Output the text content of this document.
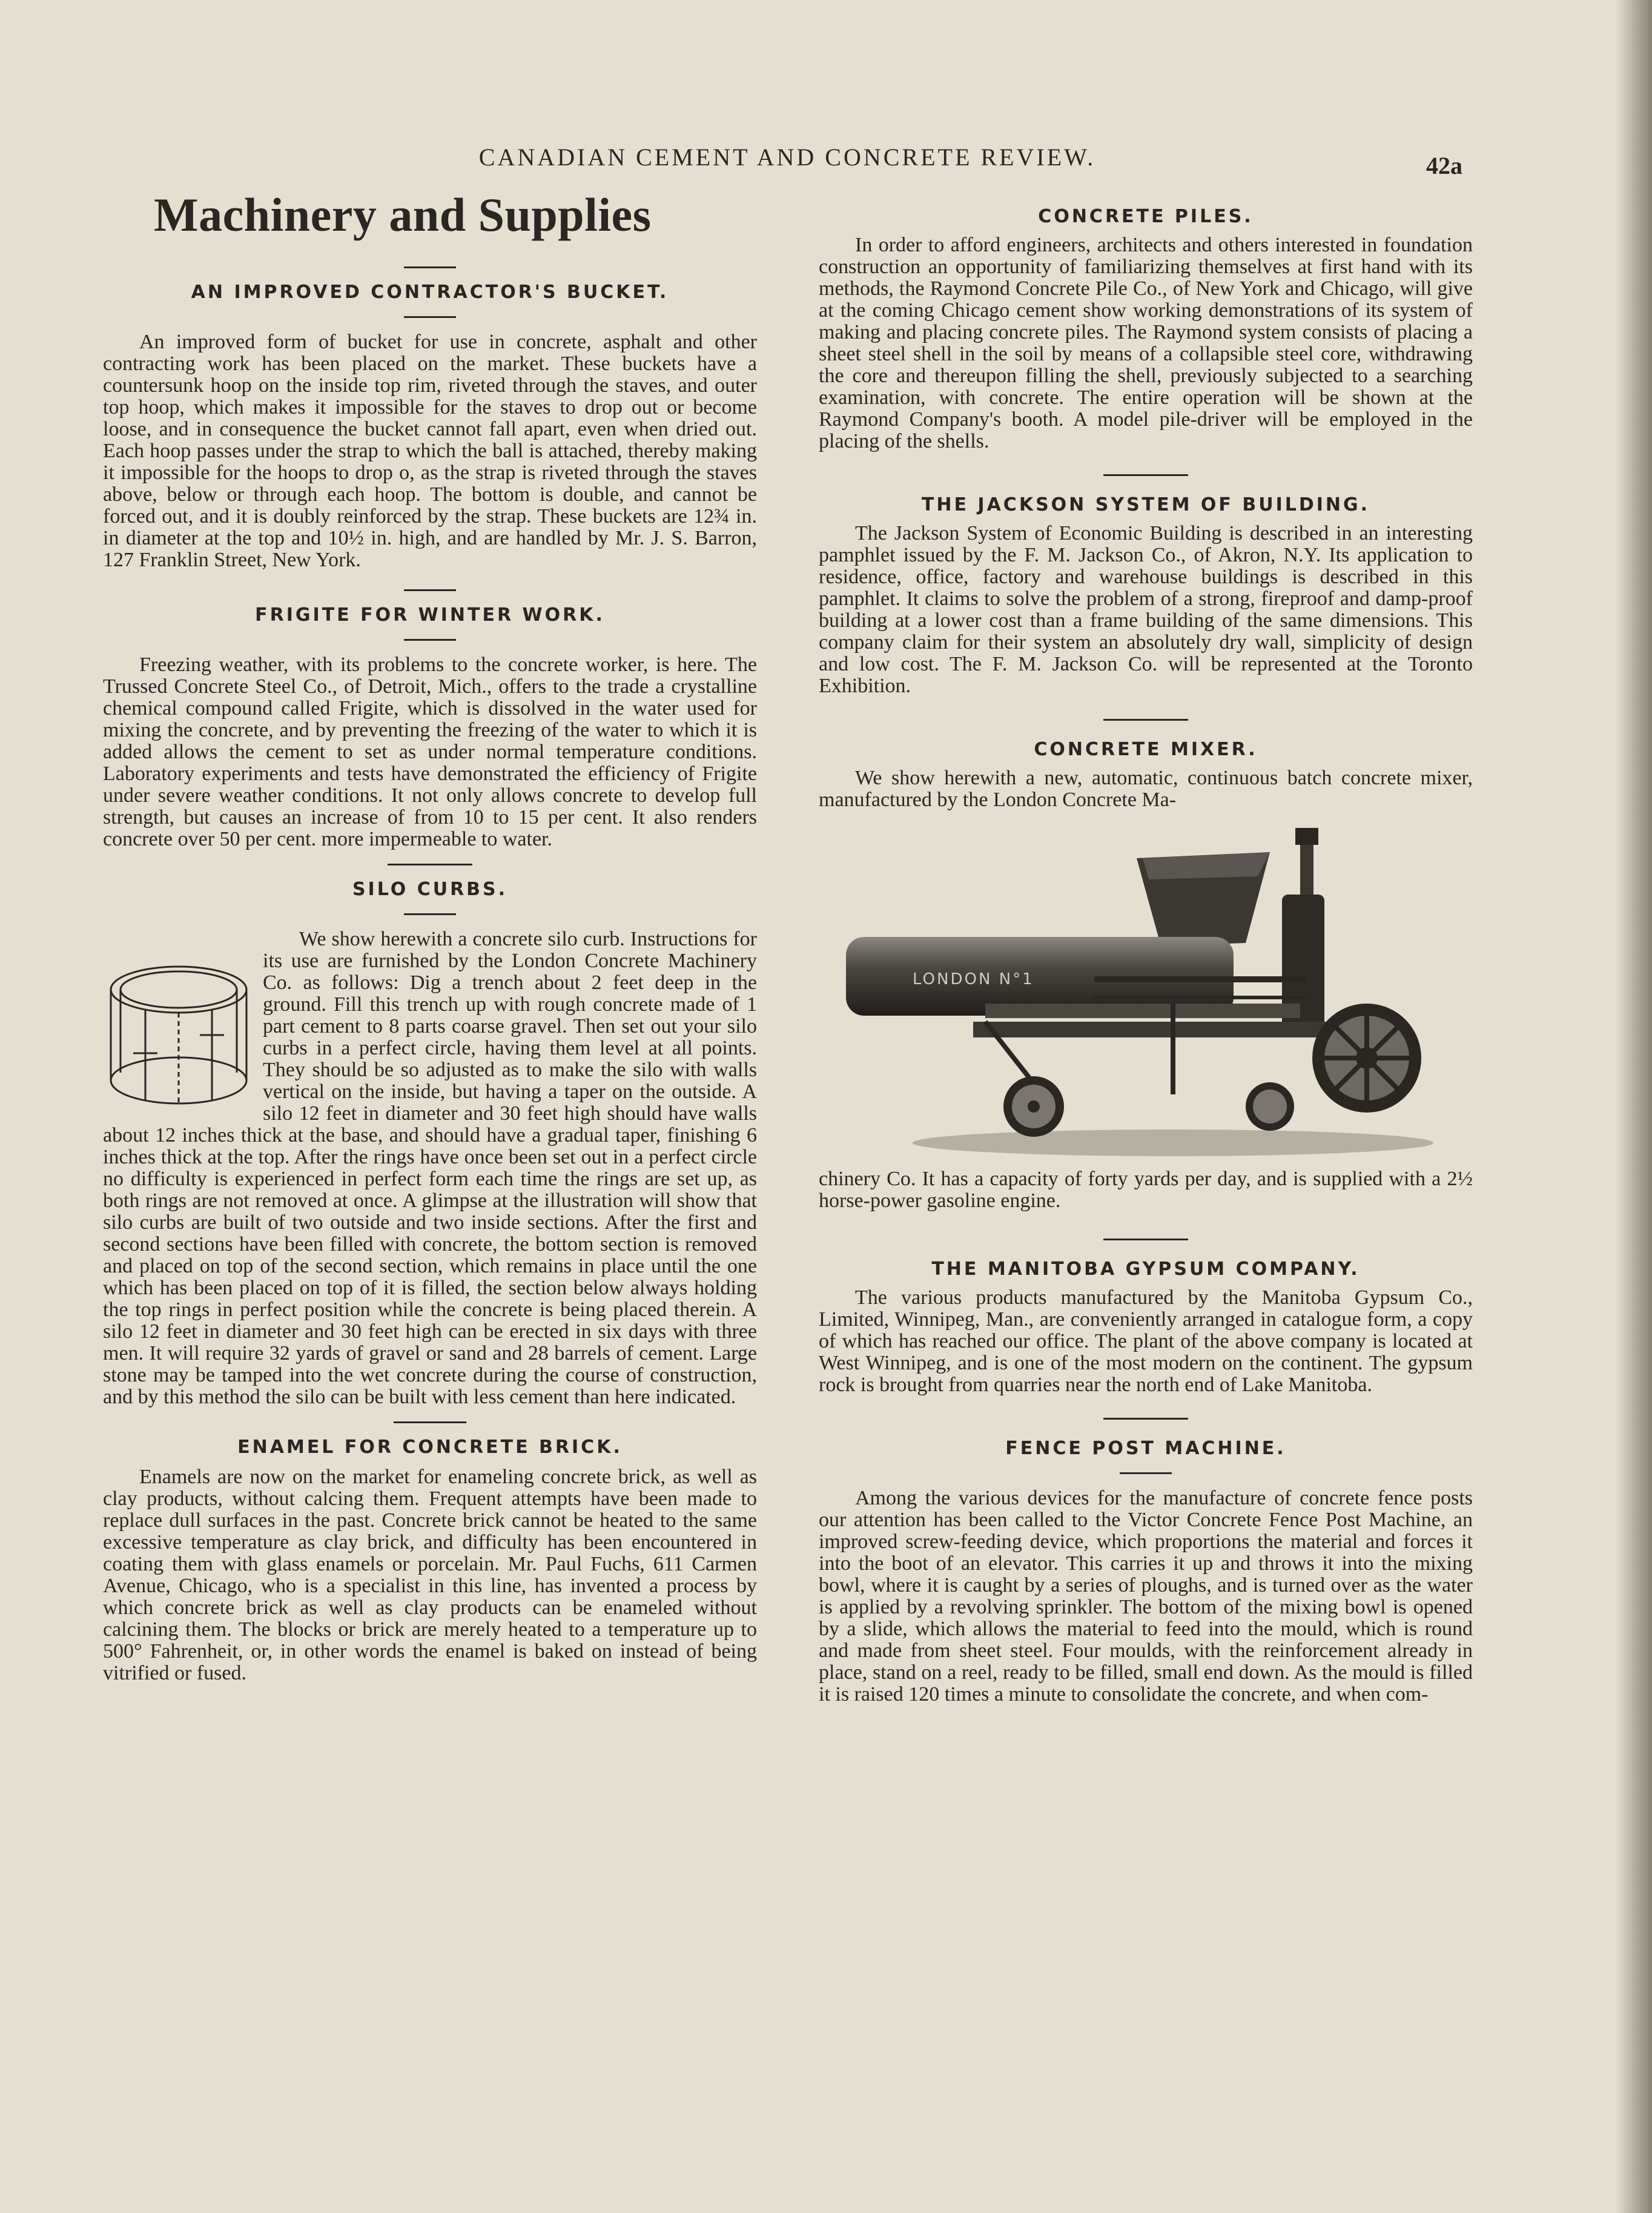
CANADIAN CEMENT AND CONCRETE REVIEW.	42a
Machinery and Supplies
AN IMPROVED CONTRACTOR'S BUCKET.

An improved form of bucket for use in concrete, asphalt and other contracting work has been placed on the market. These buckets have a countersunk hoop on the inside top rim, riveted through the staves, and outer top hoop, which makes it impossible for the staves to drop out or become loose, and in consequence the bucket cannot fall apart, even when dried out. Each hoop passes under the strap to which the ball is attached, thereby making it impossible for the hoops to drop o, as the strap is riveted through the staves above, below or through each hoop. The bottom is double, and cannot be forced out, and it is doubly reinforced by the strap. These buckets are 12¾ in. in diameter at the top and 10½ in. high, and are handled by Mr. J. S. Barron, 127 Franklin Street, New York.

FRIGITE FOR WINTER WORK.

Freezing weather, with its problems to the concrete worker, is here. The Trussed Concrete Steel Co., of Detroit, Mich., offers to the trade a crystalline chemical compound called Frigite, which is dissolved in the water used for mixing the concrete, and by preventing the freezing of the water to which it is added allows the cement to set as under normal temperature conditions. Laboratory experiments and tests have demonstrated the efficiency of Frigite under severe weather conditions. It not only allows concrete to develop full strength, but causes an increase of from 10 to 15 per cent. It also renders concrete over 50 per cent. more impermeable to water.

SILO CURBS.

We show herewith a concrete silo curb. Instructions for its use are furnished by the London Concrete Machinery Co. as follows: Dig a trench about 2 feet deep in the ground. Fill this trench up with rough concrete made of 1 part cement to 8 parts coarse gravel. Then set out your silo curbs in a perfect circle, having them level at all points. They should be so adjusted as to make the silo with walls vertical on the inside, but having a taper on the outside. A silo 12 feet in diameter and 30 feet high should have walls about 12 inches thick at the base, and should have a gradual taper, finishing 6 inches thick at the top. After the rings have once been set out in a perfect circle no difficulty is experienced in perfect form each time the rings are set up, as both rings are not removed at once. A glimpse at the illustration will show that silo curbs are built of two outside and two inside sections. After the first and second sections have been filled with concrete, the bottom section is removed and placed on top of the second section, which remains in place until the one which has been placed on top of it is filled, the section below always holding the top rings in perfect position while the concrete is being placed therein. A silo 12 feet in diameter and 30 feet high can be erected in six days with three men. It will require 32 yards of gravel or sand and 28 barrels of cement. Large stone may be tamped into the wet concrete during the course of construction, and by this method the silo can be built with less cement than here indicated.

ENAMEL FOR CONCRETE BRICK.

Enamels are now on the market for enameling concrete brick, as well as clay products, without calcing them. Frequent attempts have been made to replace dull surfaces in the past. Concrete brick cannot be heated to the same excessive temperature as clay brick, and difficulty has been encountered in coating them with glass enamels or porcelain. Mr. Paul Fuchs, 611 Carmen Avenue, Chicago, who is a specialist in this line, has invented a process by which concrete brick as well as clay products can be enameled without calcining them. The blocks or brick are merely heated to a temperature up to 500° Fahrenheit, or, in other words the enamel is baked on instead of being vitrified or fused.

CONCRETE PILES.

In order to afford engineers, architects and others interested in foundation construction an opportunity of familiarizing themselves at first hand with its methods, the Raymond Concrete Pile Co., of New York and Chicago, will give at the coming Chicago cement show working demonstrations of its system of making and placing concrete piles. The Raymond system consists of placing a sheet steel shell in the soil by means of a collapsible steel core, withdrawing the core and thereupon filling the shell, previously subjected to a searching examination, with concrete. The entire operation will be shown at the Raymond Company's booth. A model pile-driver will be employed in the placing of the shells.

THE JACKSON SYSTEM OF BUILDING.

The Jackson System of Economic Building is described in an interesting pamphlet issued by the F. M. Jackson Co., of Akron, N.Y. Its application to residence, office, factory and warehouse buildings is described in this pamphlet. It claims to solve the problem of a strong, fireproof and damp-proof building at a lower cost than a frame building of the same dimensions. This company claim for their system an absolutely dry wall, simplicity of design and low cost. The F. M. Jackson Co. will be represented at the Toronto Exhibition.

CONCRETE MIXER.

We show herewith a new, automatic, continuous batch concrete mixer, manufactured by the London Concrete Ma-

LONDON N°1

chinery Co. It has a capacity of forty yards per day, and is supplied with a 2½ horse-power gasoline engine.

THE MANITOBA GYPSUM COMPANY.

The various products manufactured by the Manitoba Gypsum Co., Limited, Winnipeg, Man., are conveniently arranged in catalogue form, a copy of which has reached our office. The plant of the above company is located at West Winnipeg, and is one of the most modern on the continent. The gypsum rock is brought from quarries near the north end of Lake Manitoba.

FENCE POST MACHINE.

Among the various devices for the manufacture of concrete fence posts our attention has been called to the Victor Concrete Fence Post Machine, an improved screw-feeding device, which proportions the material and forces it into the boot of an elevator. This carries it up and throws it into the mixing bowl, where it is caught by a series of ploughs, and is turned over as the water is applied by a revolving sprinkler. The bottom of the mixing bowl is opened by a slide, which allows the material to feed into the mould, which is round and made from sheet steel. Four moulds, with the reinforcement already in place, stand on a reel, ready to be filled, small end down. As the mould is filled it is raised 120 times a minute to consolidate the concrete, and when com-
